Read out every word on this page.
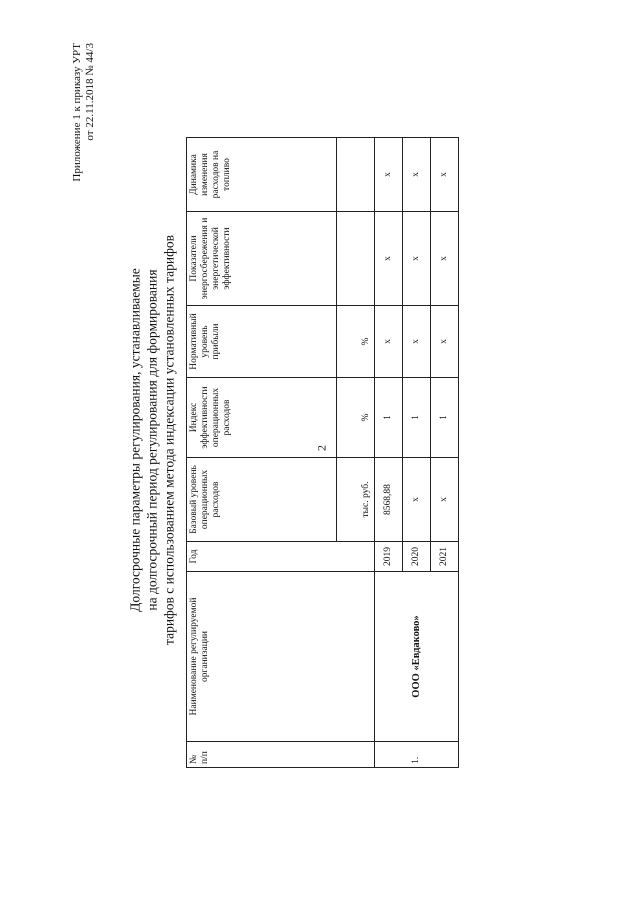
2
Приложение 1 к приказу УРТ от 22.11.2018 № 44/3
Долгосрочные параметры регулирования, устанавливаемые на долгосрочный период регулирования для формирования тарифов с использованием метода индексации установленных тарифов
№ п/п	Наименование регулируемой организации	Год	Базовый уровень операционных расходов	Индекс эффективности операционных расходов	Нормативный уровень прибыли	Показатели энергосбережения и энергетической эффективности	Динамика изменения расходов на топливо
			тыс. руб.	%	%		
1.	ООО «Евдаково»	2019	8568,88	1	х	х	х
		2020	х	1	х	х	х
		2021	х	1	х	х	х
